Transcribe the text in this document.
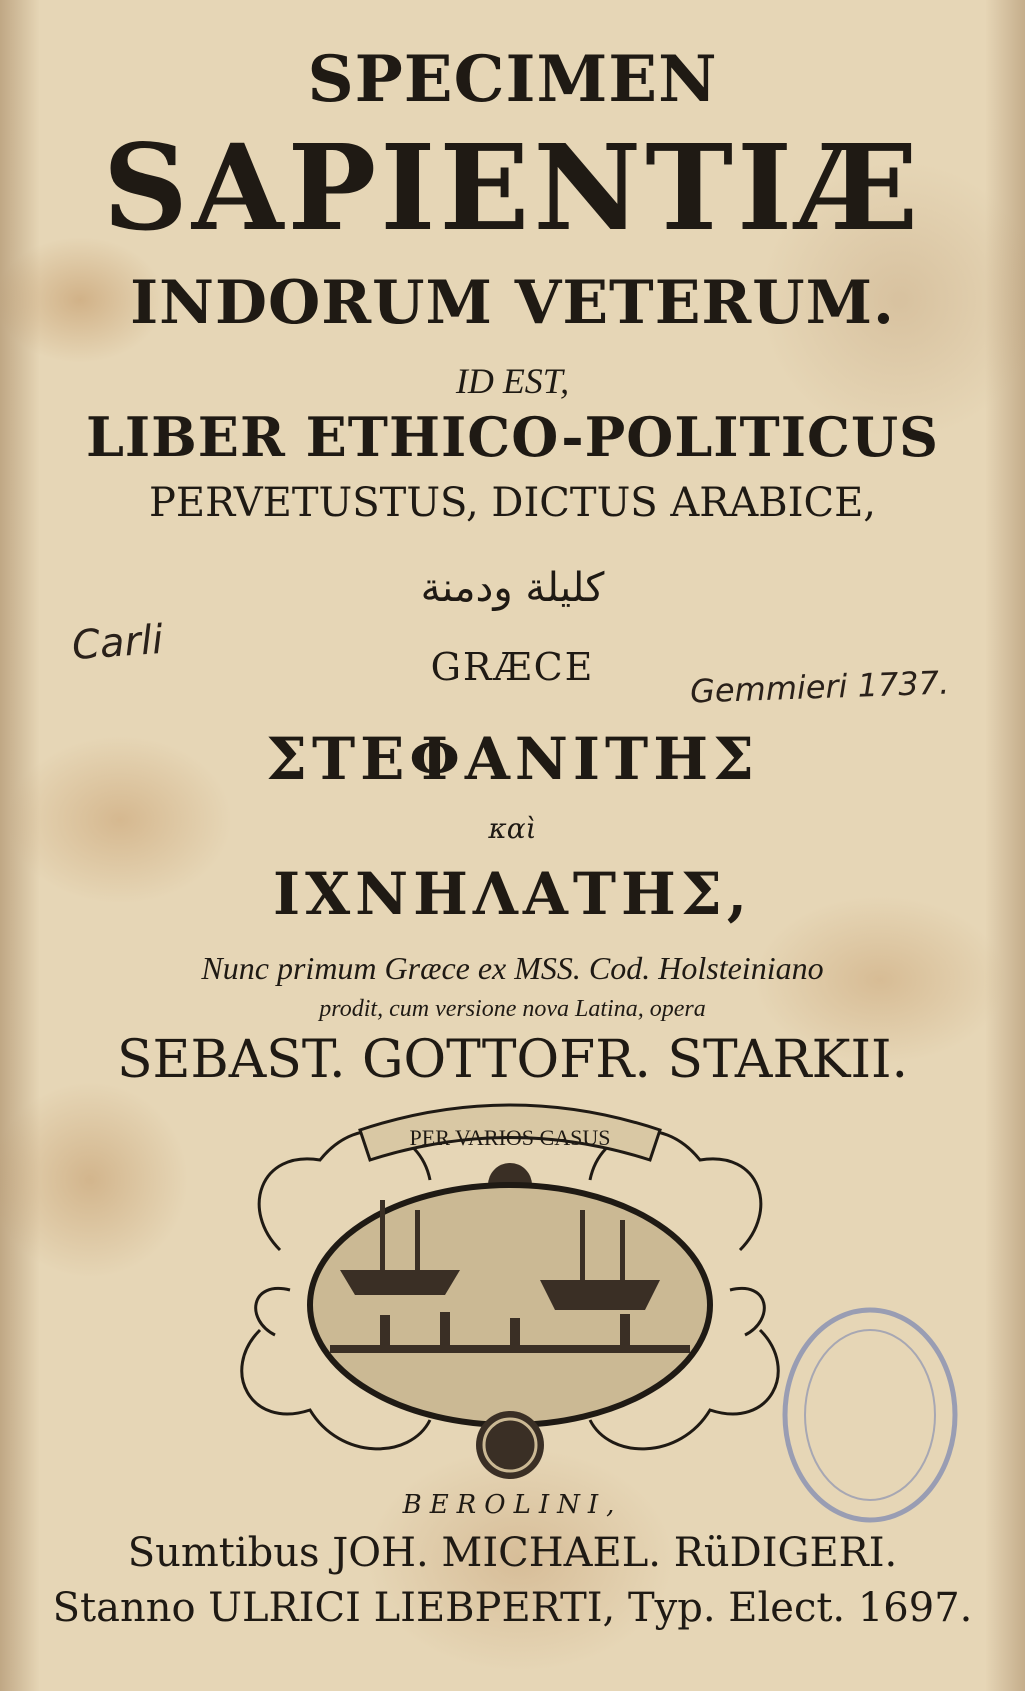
SPECIMEN
SAPIENTIÆ
INDORUM VETERUM.
ID EST,
LIBER ETHICO-POLITICUS
PERVETUSTUS, DICTUS ARABICE,
كليلة ودمنة
Carli
Gemmieri 1737.
GRÆCE
ΣΤΕΦΑΝΙΤΗΣ
καὶ
ΙΧΝΗΛΑΤΗΣ,
Nunc primum Græce ex MSS. Cod. Holsteiniano
prodit, cum versione nova Latina, opera
SEBAST. GOTTOFR. STARKII.
PER VARIOS CASUS
BEROLINI,
Sumtibus JOH. MICHAEL. RüDIGERI.
Stanno ULRICI LIEBPERTI, Typ. Elect. 1697.
